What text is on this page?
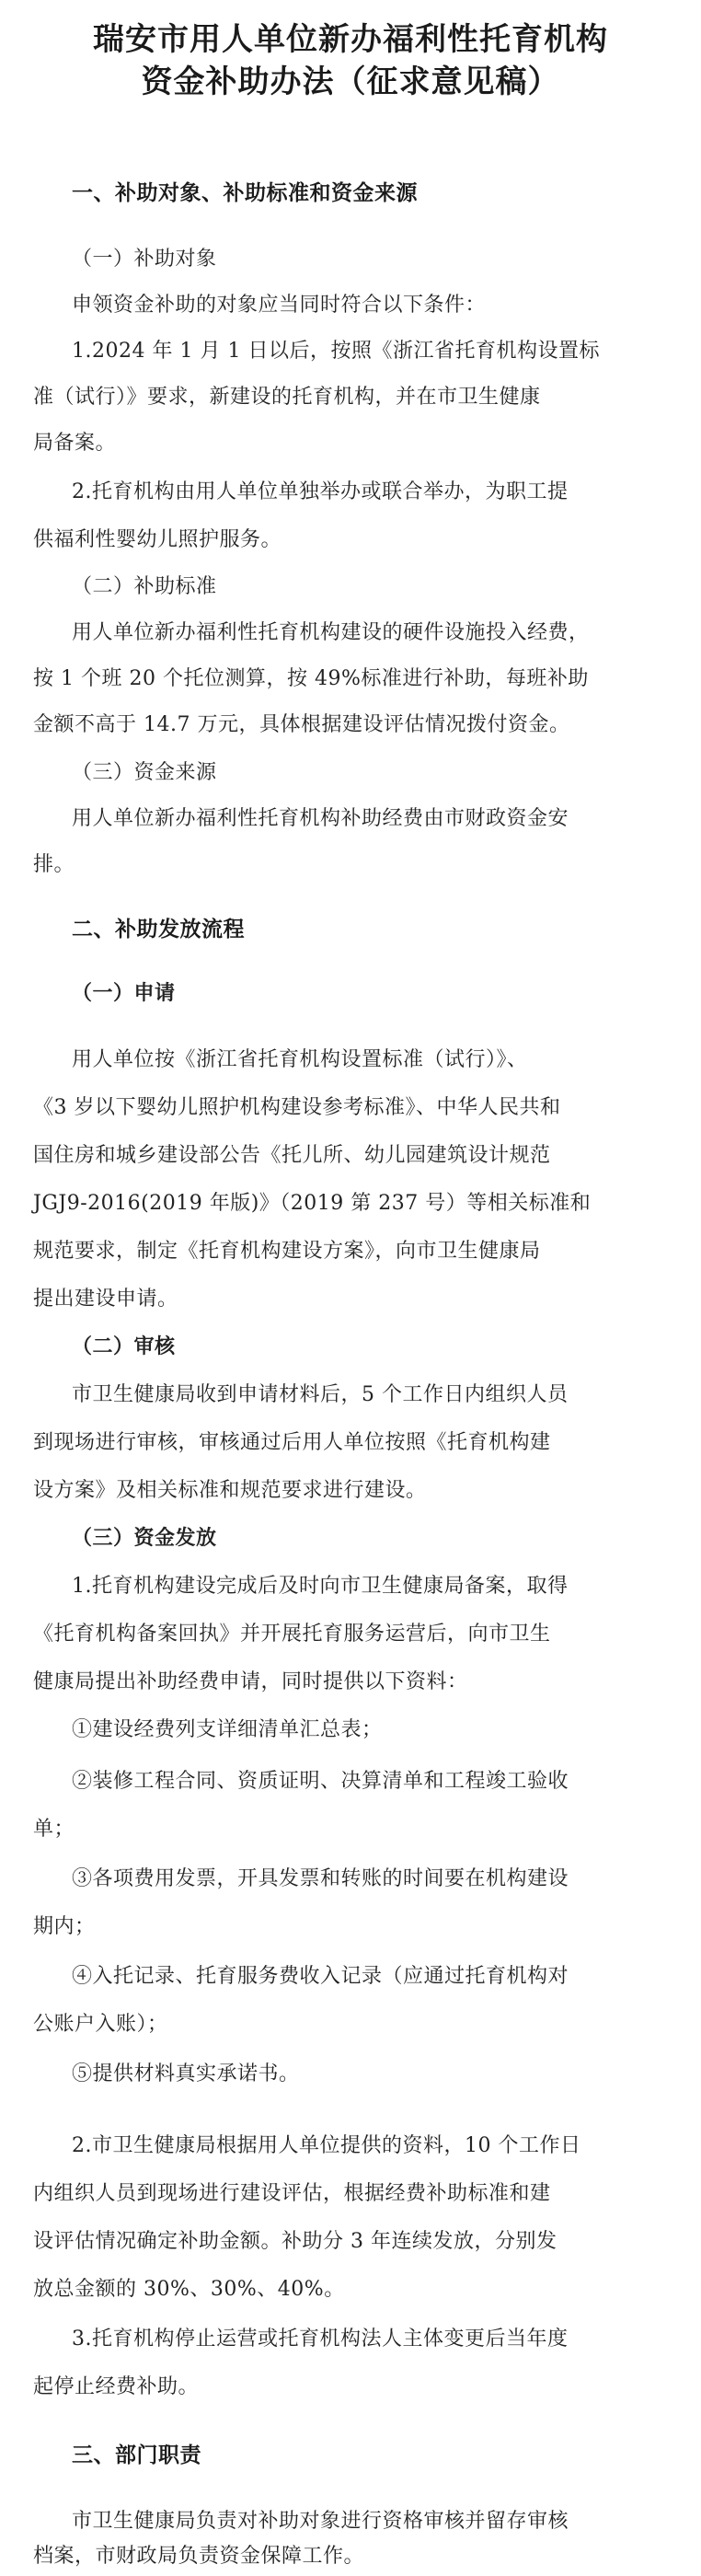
瑞安市用人单位新办福利性托育机构
资金补助办法（征求意见稿）
一、补助对象、补助标准和资金来源
（一）补助对象
申领资金补助的对象应当同时符合以下条件：
1.2024 年 1 月 1 日以后，按照《浙江省托育机构设置标
准（试行）》要求，新建设的托育机构，并在市卫生健康
局备案。
2.托育机构由用人单位单独举办或联合举办，为职工提
供福利性婴幼儿照护服务。
（二）补助标准
用人单位新办福利性托育机构建设的硬件设施投入经费，
按 1 个班 20 个托位测算，按 49%标准进行补助，每班补助
金额不高于 14.7 万元，具体根据建设评估情况拨付资金。
（三）资金来源
用人单位新办福利性托育机构补助经费由市财政资金安
排。
二、补助发放流程
（一）申请
用人单位按《浙江省托育机构设置标准（试行）》、
《3 岁以下婴幼儿照护机构建设参考标准》、中华人民共和
国住房和城乡建设部公告《托儿所、幼儿园建筑设计规范
JGJ9-2016(2019 年版)》（2019 第 237 号）等相关标准和
规范要求，制定《托育机构建设方案》，向市卫生健康局
提出建设申请。
（二）审核
市卫生健康局收到申请材料后，5 个工作日内组织人员
到现场进行审核，审核通过后用人单位按照《托育机构建
设方案》及相关标准和规范要求进行建设。
（三）资金发放
1.托育机构建设完成后及时向市卫生健康局备案，取得
《托育机构备案回执》并开展托育服务运营后，向市卫生
健康局提出补助经费申请，同时提供以下资料：
①建设经费列支详细清单汇总表；
②装修工程合同、资质证明、决算清单和工程竣工验收
单；
③各项费用发票，开具发票和转账的时间要在机构建设
期内；
④入托记录、托育服务费收入记录（应通过托育机构对
公账户入账）；
⑤提供材料真实承诺书。
2.市卫生健康局根据用人单位提供的资料，10 个工作日
内组织人员到现场进行建设评估，根据经费补助标准和建
设评估情况确定补助金额。补助分 3 年连续发放，分别发
放总金额的 30%、30%、40%。
3.托育机构停止运营或托育机构法人主体变更后当年度
起停止经费补助。
三、部门职责
市卫生健康局负责对补助对象进行资格审核并留存审核
档案，市财政局负责资金保障工作。
